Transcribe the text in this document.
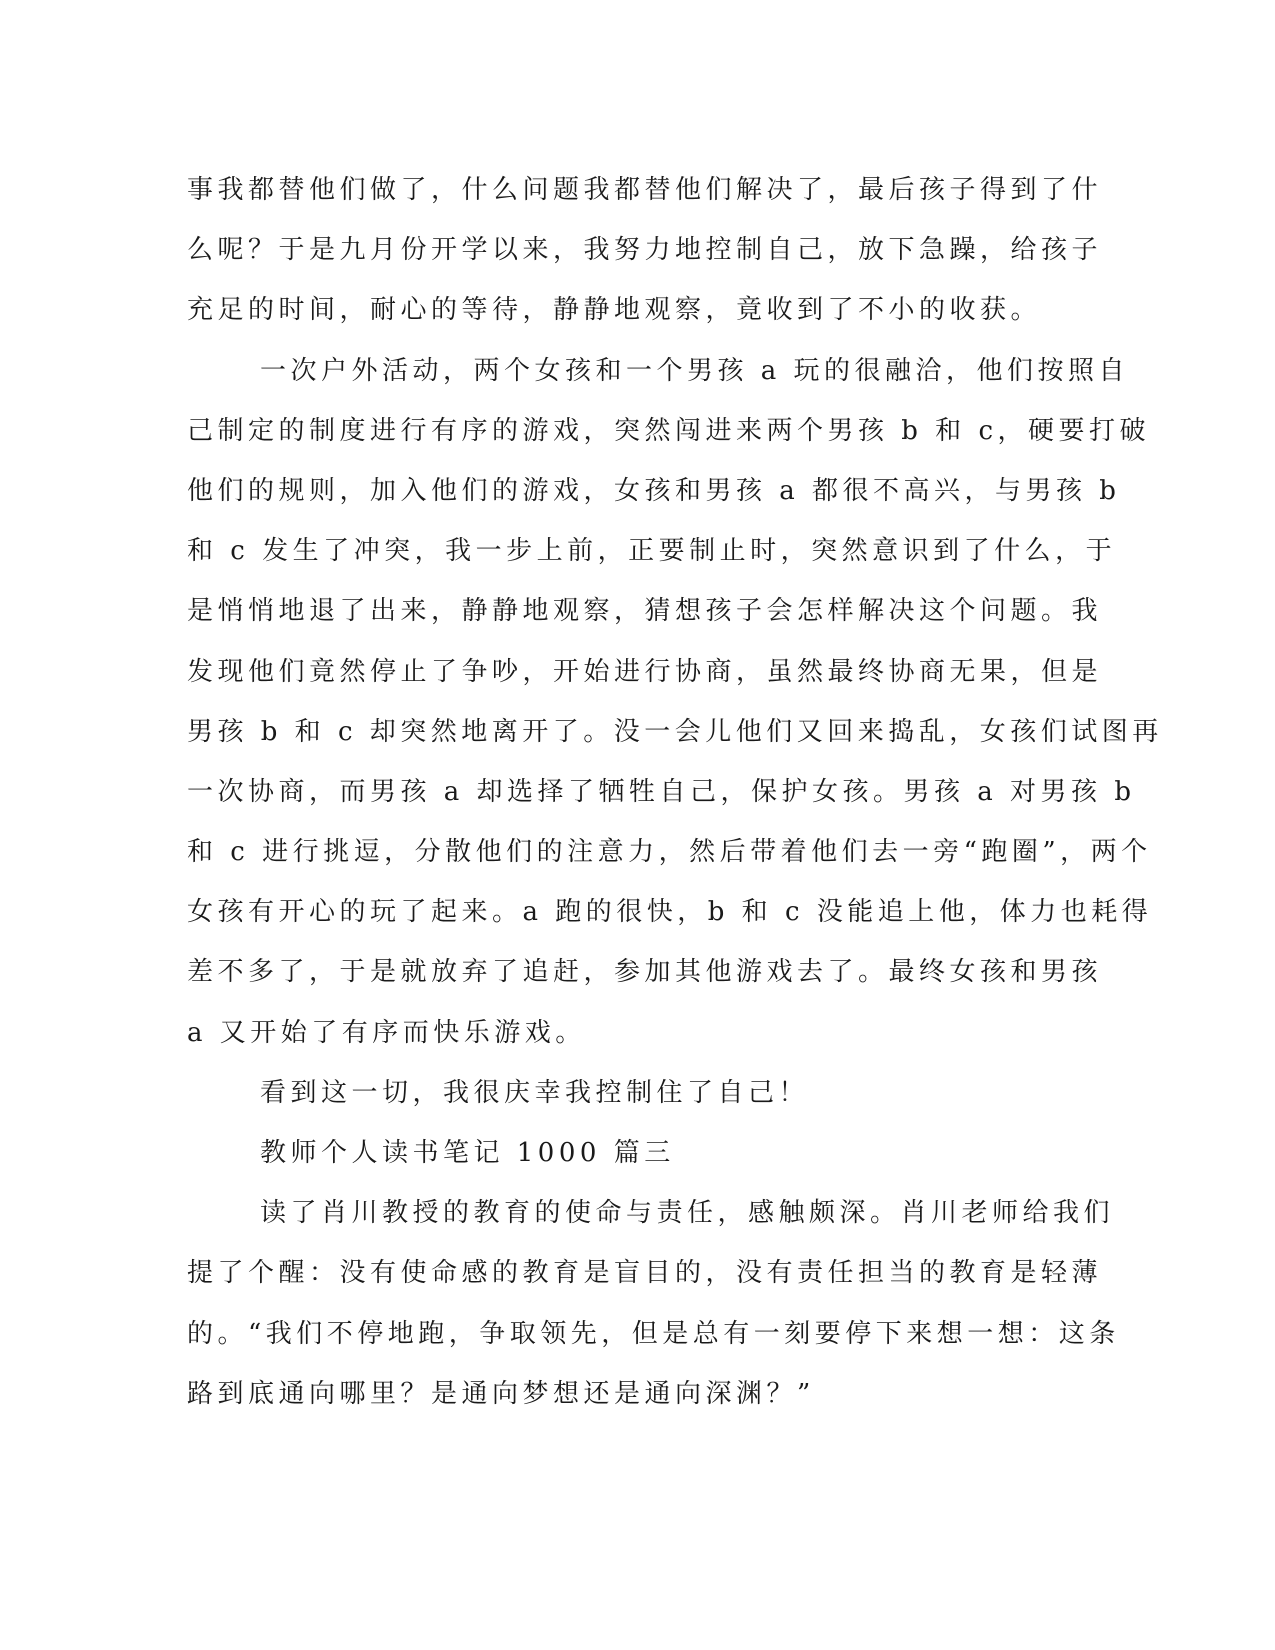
事我都替他们做了，什么问题我都替他们解决了，最后孩子得到了什
么呢？于是九月份开学以来，我努力地控制自己，放下急躁，给孩子
充足的时间，耐心的等待，静静地观察，竟收到了不小的收获。
一次户外活动，两个女孩和一个男孩 a 玩的很融洽，他们按照自
己制定的制度进行有序的游戏，突然闯进来两个男孩 b 和 c，硬要打破
他们的规则，加入他们的游戏，女孩和男孩 a 都很不高兴，与男孩 b
和 c 发生了冲突，我一步上前，正要制止时，突然意识到了什么，于
是悄悄地退了出来，静静地观察，猜想孩子会怎样解决这个问题。我
发现他们竟然停止了争吵，开始进行协商，虽然最终协商无果，但是
男孩 b 和 c 却突然地离开了。没一会儿他们又回来捣乱，女孩们试图再
一次协商，而男孩 a 却选择了牺牲自己，保护女孩。男孩 a 对男孩 b
和 c 进行挑逗，分散他们的注意力，然后带着他们去一旁“跑圈”，两个
女孩有开心的玩了起来。a 跑的很快，b 和 c 没能追上他，体力也耗得
差不多了，于是就放弃了追赶，参加其他游戏去了。最终女孩和男孩
a 又开始了有序而快乐游戏。
看到这一切，我很庆幸我控制住了自己！
教师个人读书笔记 1000 篇三
读了肖川教授的教育的使命与责任，感触颇深。肖川老师给我们
提了个醒：没有使命感的教育是盲目的，没有责任担当的教育是轻薄
的。“我们不停地跑，争取领先，但是总有一刻要停下来想一想：这条
路到底通向哪里？是通向梦想还是通向深渊？”
